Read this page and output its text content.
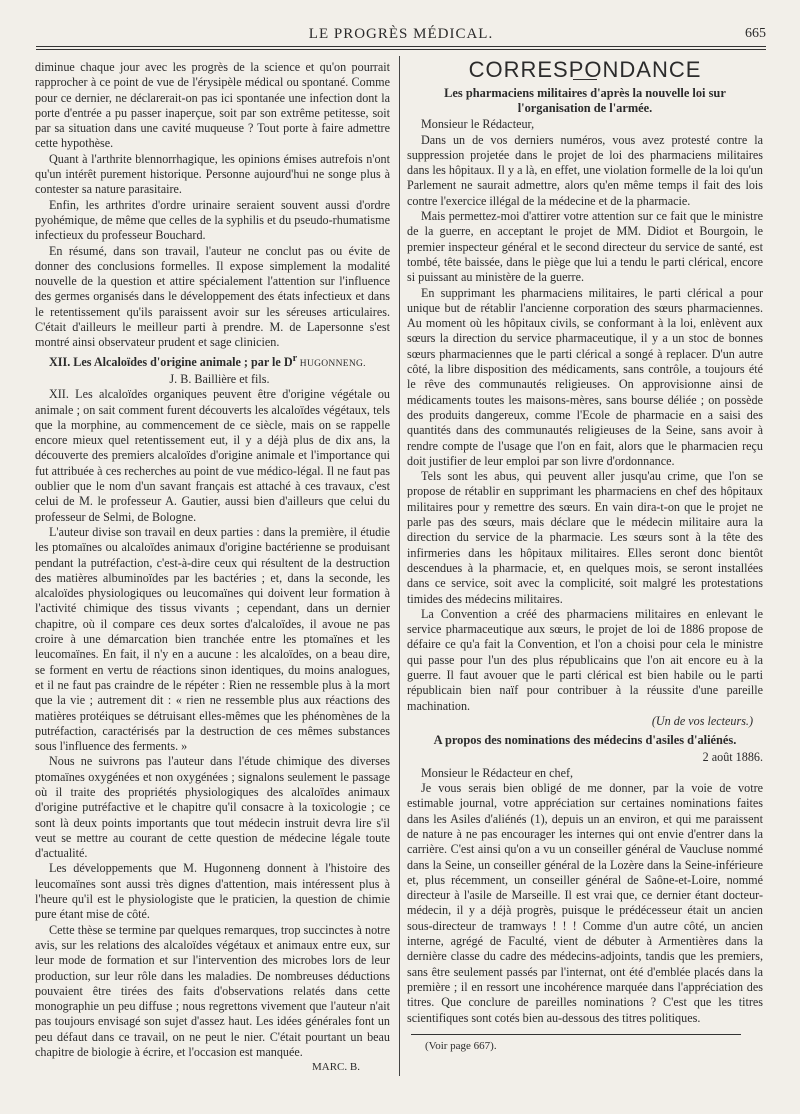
LE PROGRÈS MÉDICAL.	665

diminue chaque jour avec les progrès de la science et qu'on pourrait rapprocher à ce point de vue de l'érysipèle médical ou spontané. Comme pour ce dernier, ne déclarerait-on pas ici spontanée une infection dont la porte d'entrée a pu passer inaperçue, soit par son extrême petitesse, soit par sa situation dans une cavité muqueuse ? Tout porte à faire admettre cette hypothèse.

Quant à l'arthrite blennorrhagique, les opinions émises autrefois n'ont qu'un intérêt purement historique. Personne aujourd'hui ne songe plus à contester sa nature parasitaire.

Enfin, les arthrites d'ordre urinaire seraient souvent aussi d'ordre pyohémique, de même que celles de la syphilis et du pseudo-rhumatisme infectieux du professeur Bouchard.

En résumé, dans son travail, l'auteur ne conclut pas ou évite de donner des conclusions formelles. Il expose simplement la modalité nouvelle de la question et attire spécialement l'attention sur l'influence des germes organisés dans le développement des états infectieux et dans le retentissement qu'ils paraissent avoir sur les séreuses articulaires. C'était d'ailleurs le meilleur parti à prendre. M. de Lapersonne s'est montré ainsi observateur prudent et sage clinicien.

XII. Les Alcaloïdes d'origine animale ; par le $D^r$ HUGONNENG.

J. B. Baillière et fils.

XII. Les alcaloïdes organiques peuvent être d'origine végétale ou animale ; on sait comment furent découverts les alcaloïdes végétaux, tels que la morphine, au commencement de ce siècle, mais on se rappelle encore mieux quel retentissement eut, il y a déjà plus de dix ans, la découverte des premiers alcaloïdes d'origine animale et l'importance qui fut attribuée à ces recherches au point de vue médico-légal. Il ne faut pas oublier que le nom d'un savant français est attaché à ces travaux, c'est celui de M. le professeur A. Gautier, aussi bien d'ailleurs que celui du professeur de Selmi, de Bologne.

L'auteur divise son travail en deux parties : dans la première, il étudie les ptomaïnes ou alcaloïdes animaux d'origine bactérienne se produisant pendant la putréfaction, c'est-à-dire ceux qui résultent de la destruction des matières albuminoïdes par les bactéries ; et, dans la seconde, les alcaloïdes physiologiques ou leucomaïnes qui doivent leur formation à l'activité chimique des tissus vivants ; cependant, dans un dernier chapitre, où il compare ces deux sortes d'alcaloïdes, il avoue ne pas croire à une démarcation bien tranchée entre les ptomaïnes et les leucomaïnes. En fait, il n'y en a aucune : les alcaloïdes, on a beau dire, se forment en vertu de réactions sinon identiques, du moins analogues, et il ne faut pas craindre de le répéter : Rien ne ressemble plus à la mort que la vie ; autrement dit : « rien ne ressemble plus aux réactions des matières protéiques se détruisant elles-mêmes que les phénomènes de la putréfaction, caractérisés par la destruction de ces mêmes substances sous l'influence des ferments. »

Nous ne suivrons pas l'auteur dans l'étude chimique des diverses ptomaïnes oxygénées et non oxygénées ; signalons seulement le passage où il traite des propriétés physiologiques des alcaloïdes animaux d'origine putréfactive et le chapitre qu'il consacre à la toxicologie ; ce sont là deux points importants que tout médecin instruit devra lire s'il veut se mettre au courant de cette question de médecine légale toute d'actualité.

Les développements que M. Hugonneng donnent à l'histoire des leucomaïnes sont aussi très dignes d'attention, mais intéressent plus à l'heure qu'il est le physiologiste que le praticien, la question de chimie pure étant mise de côté.

Cette thèse se termine par quelques remarques, trop succinctes à notre avis, sur les relations des alcaloïdes végétaux et animaux entre eux, sur leur mode de formation et sur l'intervention des microbes lors de leur production, sur leur rôle dans les maladies. De nombreuses déductions pouvaient être tirées des faits d'observations relatés dans cette monographie un peu diffuse ; nous regrettons vivement que l'auteur n'ait pas toujours envisagé son sujet d'assez haut. Les idées générales font un peu défaut dans ce travail, on ne peut le nier. C'était pourtant un beau chapitre de biologie à écrire, et l'occasion est manquée.

MARC. B.

CORRESPONDANCE
Les pharmaciens militaires d'après la nouvelle loi sur l'organisation de l'armée.

Monsieur le Rédacteur,

Dans un de vos derniers numéros, vous avez protesté contre la suppression projetée dans le projet de loi des pharmaciens militaires dans les hôpitaux. Il y a là, en effet, une violation formelle de la loi qu'un Parlement ne saurait admettre, alors qu'en même temps il fait des lois contre l'exercice illégal de la médecine et de la pharmacie.

Mais permettez-moi d'attirer votre attention sur ce fait que le ministre de la guerre, en acceptant le projet de MM. Didiot et Bourgoin, le premier inspecteur général et le second directeur du service de santé, est tombé, tête baissée, dans le piège que lui a tendu le parti clérical, encore si puissant au ministère de la guerre.

En supprimant les pharmaciens militaires, le parti clérical a pour unique but de rétablir l'ancienne corporation des sœurs pharmaciennes. Au moment où les hôpitaux civils, se conformant à la loi, enlèvent aux sœurs la direction du service pharmaceutique, il y a un stoc de bonnes sœurs pharmaciennes que le parti clérical a songé à replacer. D'un autre côté, la libre disposition des médicaments, sans contrôle, a toujours été le rêve des communautés religieuses. On approvisionne ainsi de médicaments toutes les maisons-mères, sans bourse déliée ; on possède des produits dangereux, comme l'Ecole de pharmacie en a saisi des quantités dans des communautés religieuses de la Seine, sans avoir à rendre compte de l'usage que l'on en fait, alors que le pharmacien reçu doit justifier de leur emploi par son livre d'ordonnance.

Tels sont les abus, qui peuvent aller jusqu'au crime, que l'on se propose de rétablir en supprimant les pharmaciens en chef des hôpitaux militaires pour y remettre des sœurs. En vain dira-t-on que le projet ne parle pas des sœurs, mais déclare que le médecin militaire aura la direction du service de la pharmacie. Les sœurs sont à la tête des infirmeries dans les hôpitaux militaires. Elles seront donc bientôt descendues à la pharmacie, et, en quelques mois, se seront installées dans ce service, soit avec la complicité, soit malgré les protestations timides des médecins militaires.

La Convention a créé des pharmaciens militaires en enlevant le service pharmaceutique aux sœurs, le projet de loi de 1886 propose de défaire ce qu'a fait la Convention, et l'on a choisi pour cela le ministre qui passe pour l'un des plus républicains que l'on ait encore eu à la guerre. Il faut avouer que le parti clérical est bien habile ou le parti républicain bien naïf pour contribuer à la réussite d'une pareille machination.

(Un de vos lecteurs.)

A propos des nominations des médecins d'asiles d'aliénés.

2 août 1886.

Monsieur le Rédacteur en chef,

Je vous serais bien obligé de me donner, par la voie de votre estimable journal, votre appréciation sur certaines nominations faites dans les Asiles d'aliénés (1), depuis un an environ, et qui me paraissent de nature à ne pas encourager les internes qui ont envie d'entrer dans la carrière. C'est ainsi qu'on a vu un conseiller général de Vaucluse nommé dans la Seine, un conseiller général de la Lozère dans la Seine-inférieure et, plus récemment, un conseiller général de Saône-et-Loire, nommé directeur à l'asile de Marseille. Il est vrai que, ce dernier étant docteur-médecin, il y a déjà progrès, puisque le prédécesseur était un ancien sous-directeur de tramways ! ! ! Comme d'un autre côté, un ancien interne, agrégé de Faculté, vient de débuter à Armentières dans la dernière classe du cadre des médecins-adjoints, tandis que les premiers, sans être seulement passés par l'internat, ont été d'emblée placés dans la première ; il en ressort une incohérence marquée dans l'appréciation des titres. Que conclure de pareilles nominations ? C'est que les titres scientifiques sont cotés bien au-dessous des titres politiques.

(Voir page 667).
